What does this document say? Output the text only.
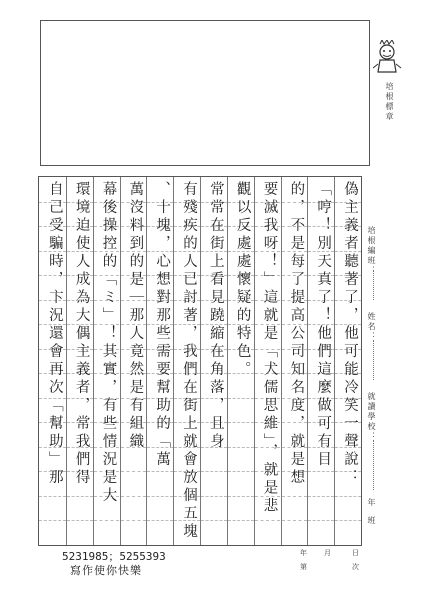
培根標章
自己受騙時，卞況還會再次「幫助」那 環境迫使人成為大偶主義者，常我們得 幕後操控的「ミ」！其實，有些情況是大 萬沒料到的是｜那人竟然是有組織 、十塊，心想對那些需要幫助的「萬 有殘疾的人已討著，我們在街上就會放個五塊 常常在街上看見蹺縮在角落，且身 觀以反處處懷疑的特色。 要滅我呀！」這就是「犬儒思維」，就是悲 的，不是每了提高公司知名度，就是想 「哼！別天真了！他們這麼做可有目 偽主義者聽著了，他可能冷笑一聲說：	培根編班：
姓名：
就讀學校：
年
班
年 月	日
第	次
5231985；5255393
寫作使你快樂
